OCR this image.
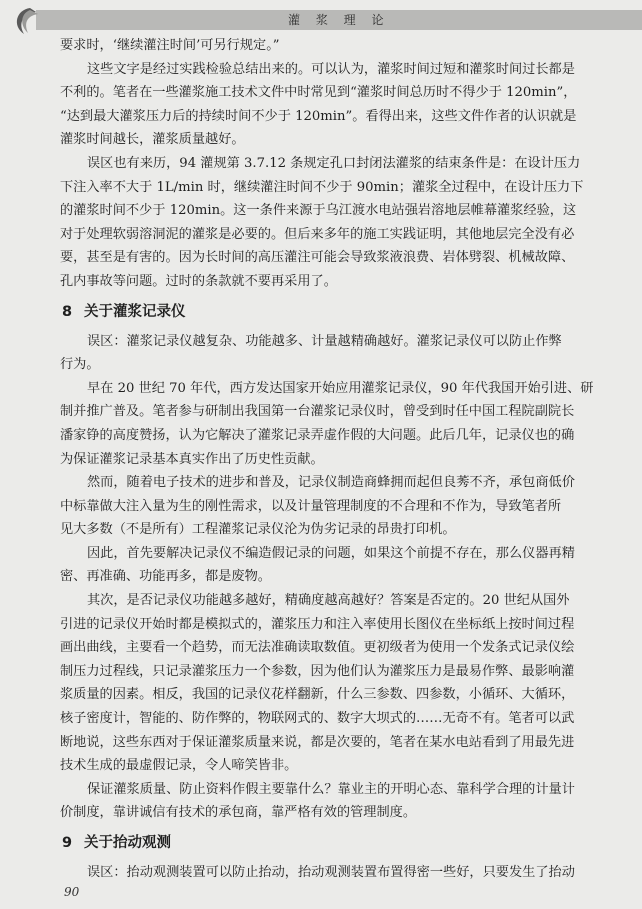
灌 浆 理 论
要求时，‘继续灌注时间’可另行规定。”
这些文字是经过实践检验总结出来的。可以认为，灌浆时间过短和灌浆时间过长都是
不利的。笔者在一些灌浆施工技术文件中时常见到“灌浆时间总历时不得少于 120min”，
“达到最大灌浆压力后的持续时间不少于 120min”。看得出来，这些文件作者的认识就是
灌浆时间越长，灌浆质量越好。
误区也有来历，94 灌规第 3.7.12 条规定孔口封闭法灌浆的结束条件是：在设计压力
下注入率不大于 1L/min 时，继续灌注时间不少于 90min；灌浆全过程中，在设计压力下
的灌浆时间不少于 120min。这一条件来源于乌江渡水电站强岩溶地层帷幕灌浆经验，这
对于处理软弱溶洞泥的灌浆是必要的。但后来多年的施工实践证明，其他地层完全没有必
要，甚至是有害的。因为长时间的高压灌注可能会导致浆液浪费、岩体劈裂、机械故障、
孔内事故等问题。过时的条款就不要再采用了。
8 关于灌浆记录仪
误区：灌浆记录仪越复杂、功能越多、计量越精确越好。灌浆记录仪可以防止作弊
行为。
早在 20 世纪 70 年代，西方发达国家开始应用灌浆记录仪，90 年代我国开始引进、研
制并推广普及。笔者参与研制出我国第一台灌浆记录仪时，曾受到时任中国工程院副院长
潘家铮的高度赞扬，认为它解决了灌浆记录弄虚作假的大问题。此后几年，记录仪也的确
为保证灌浆记录基本真实作出了历史性贡献。
然而，随着电子技术的进步和普及，记录仪制造商蜂拥而起但良莠不齐，承包商低价
中标靠做大注入量为生的刚性需求，以及计量管理制度的不合理和不作为，导致笔者所
见大多数（不是所有）工程灌浆记录仪沦为伪劣记录的昂贵打印机。
因此，首先要解决记录仪不编造假记录的问题，如果这个前提不存在，那么仪器再精
密、再准确、功能再多，都是废物。
其次，是否记录仪功能越多越好，精确度越高越好？答案是否定的。20 世纪从国外
引进的记录仪开始时都是模拟式的，灌浆压力和注入率使用长图仪在坐标纸上按时间过程
画出曲线，主要看一个趋势，而无法准确读取数值。更初级者为使用一个发条式记录仪绘
制压力过程线，只记录灌浆压力一个参数，因为他们认为灌浆压力是最易作弊、最影响灌
浆质量的因素。相反，我国的记录仪花样翻新，什么三参数、四参数，小循环、大循环，
核子密度计，智能的、防作弊的，物联网式的、数字大坝式的……无奇不有。笔者可以武
断地说，这些东西对于保证灌浆质量来说，都是次要的，笔者在某水电站看到了用最先进
技术生成的最虚假记录，令人啼笑皆非。
保证灌浆质量、防止资料作假主要靠什么？靠业主的开明心态、靠科学合理的计量计
价制度，靠讲诚信有技术的承包商，靠严格有效的管理制度。
9 关于抬动观测
误区：抬动观测装置可以防止抬动，抬动观测装置布置得密一些好，只要发生了抬动
90
